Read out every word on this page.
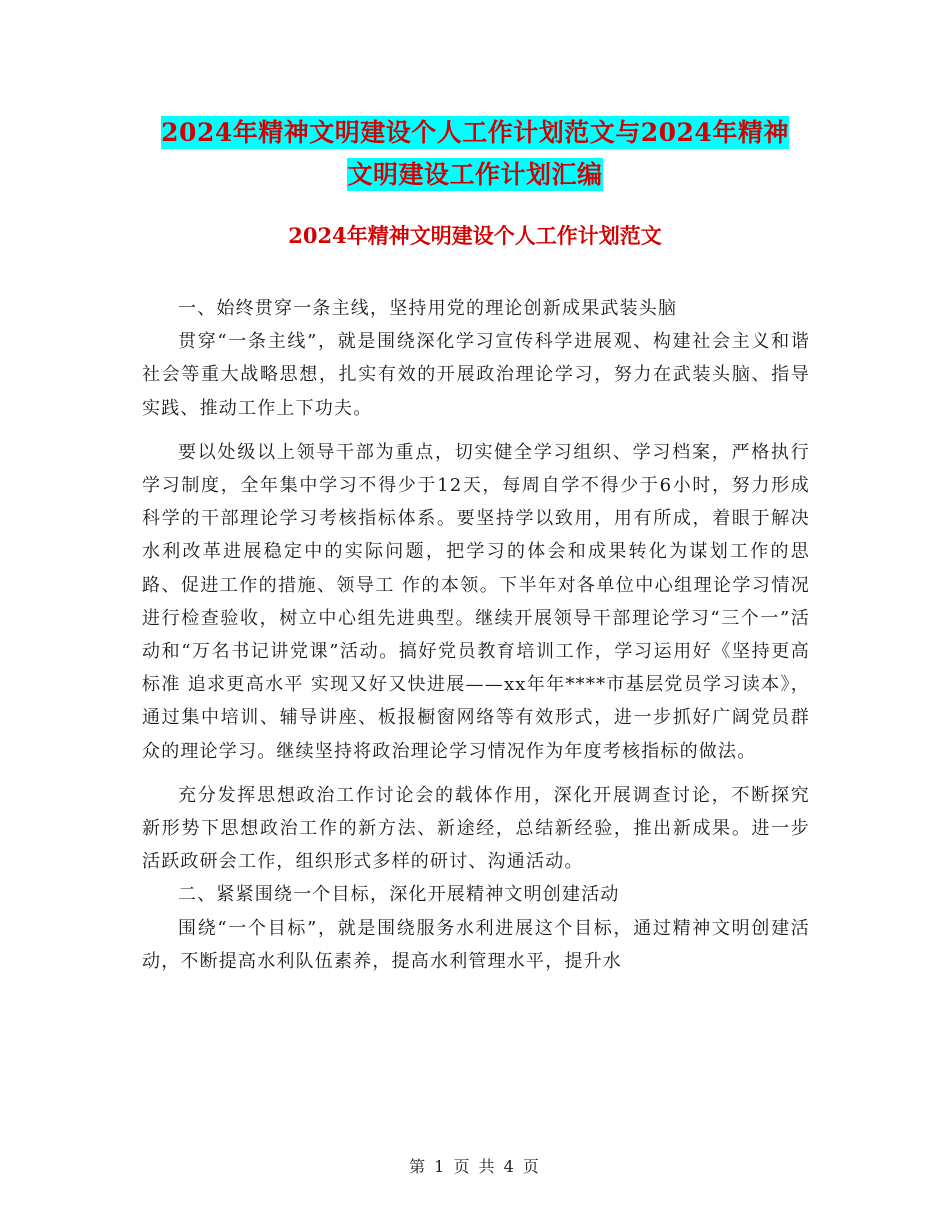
2024年精神文明建设个人工作计划范文与2024年精神
文明建设工作计划汇编
2024年精神文明建设个人工作计划范文

一、始终贯穿一条主线，坚持用党的理论创新成果武装头脑

贯穿“一条主线”，就是围绕深化学习宣传科学进展观、构建社会主义和谐社会等重大战略思想，扎实有效的开展政治理论学习，努力在武装头脑、指导实践、推动工作上下功夫。

要以处级以上领导干部为重点，切实健全学习组织、学习档案，严格执行学习制度，全年集中学习不得少于12天，每周自学不得少于6小时，努力形成科学的干部理论学习考核指标体系。要坚持学以致用，用有所成，着眼于解决水利改革进展稳定中的实际问题，把学习的体会和成果转化为谋划工作的思路、促进工作的措施、领导工 作的本领。下半年对各单位中心组理论学习情况进行检查验收，树立中心组先进典型。继续开展领导干部理论学习“三个一”活动和“万名书记讲党课”活动。搞好党员教育培训工作，学习运用好《坚持更高标准 追求更高水平 实现又好又快进展——xx年年****市基层党员学习读本》，通过集中培训、辅导讲座、板报橱窗网络等有效形式，进一步抓好广阔党员群众的理论学习。继续坚持将政治理论学习情况作为年度考核指标的做法。

充分发挥思想政治工作讨论会的载体作用，深化开展调查讨论，不断探究新形势下思想政治工作的新方法、新途经，总结新经验，推出新成果。进一步活跃政研会工作，组织形式多样的研讨、沟通活动。

二、紧紧围绕一个目标，深化开展精神文明创建活动

围绕“一个目标”，就是围绕服务水利进展这个目标，通过精神文明创建活动，不断提高水利队伍素养，提高水利管理水平，提升水

第 1 页 共 4 页
